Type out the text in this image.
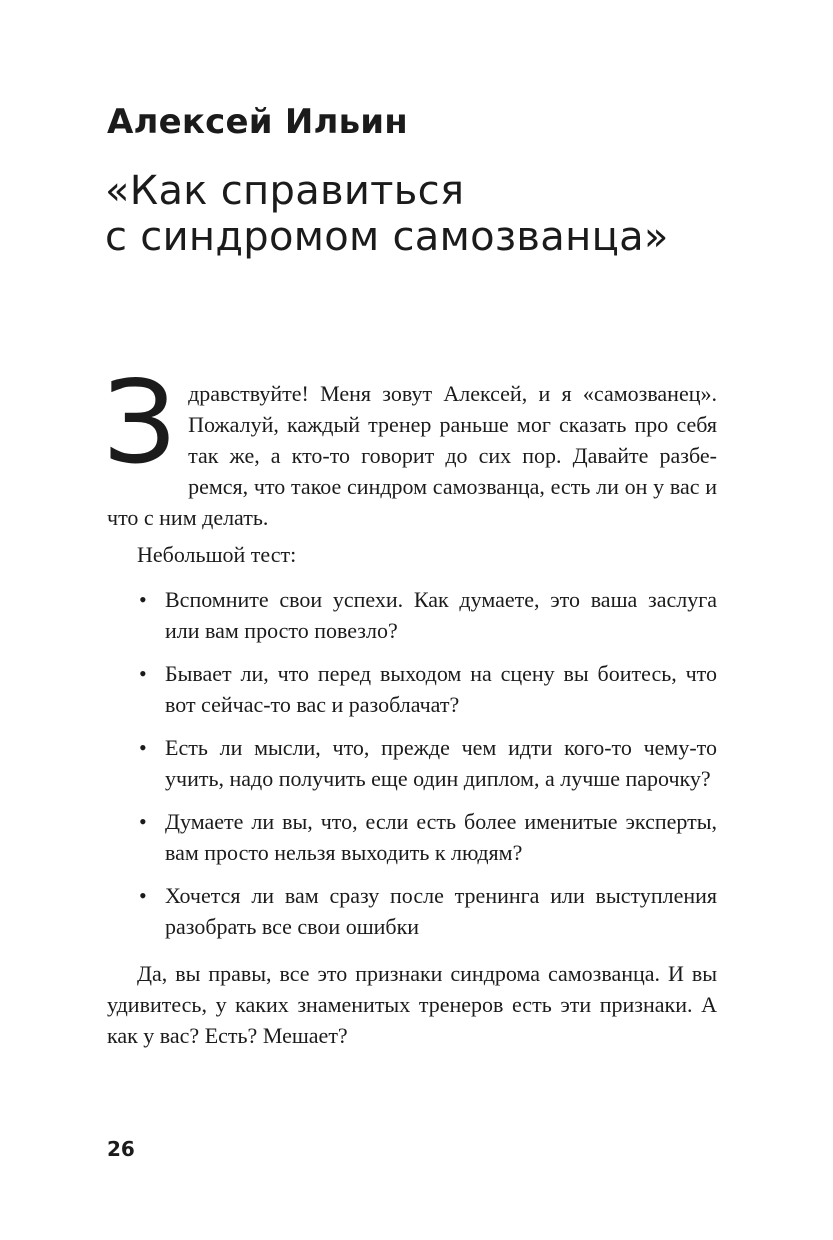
Алексей Ильин
«Как справиться
с синдромом самозванца»
З дравствуйте! Меня зовут Алексей, и я «самозванец». Пожалуй, каждый тренер раньше мог сказать про себя так же, а кто-то говорит до сих пор. Давайте разберемся, что такое синдром самозванца, есть ли он у вас и что с ним делать.

Небольшой тест:

• Вспомните свои успехи. Как думаете, это ваша заслуга или вам просто повезло?
• Бывает ли, что перед выходом на сцену вы боитесь, что вот сейчас-то вас и разоблачат?
• Есть ли мысли, что, прежде чем идти кого-то чему-то учить, надо получить еще один диплом, а лучше парочку?
• Думаете ли вы, что, если есть более именитые эксперты, вам просто нельзя выходить к людям?
• Хочется ли вам сразу после тренинга или выступления разобрать все свои ошибки

Да, вы правы, все это признаки синдрома самозванца. И вы удивитесь, у каких знаменитых тренеров есть эти признаки. А как у вас? Есть? Мешает?

26
